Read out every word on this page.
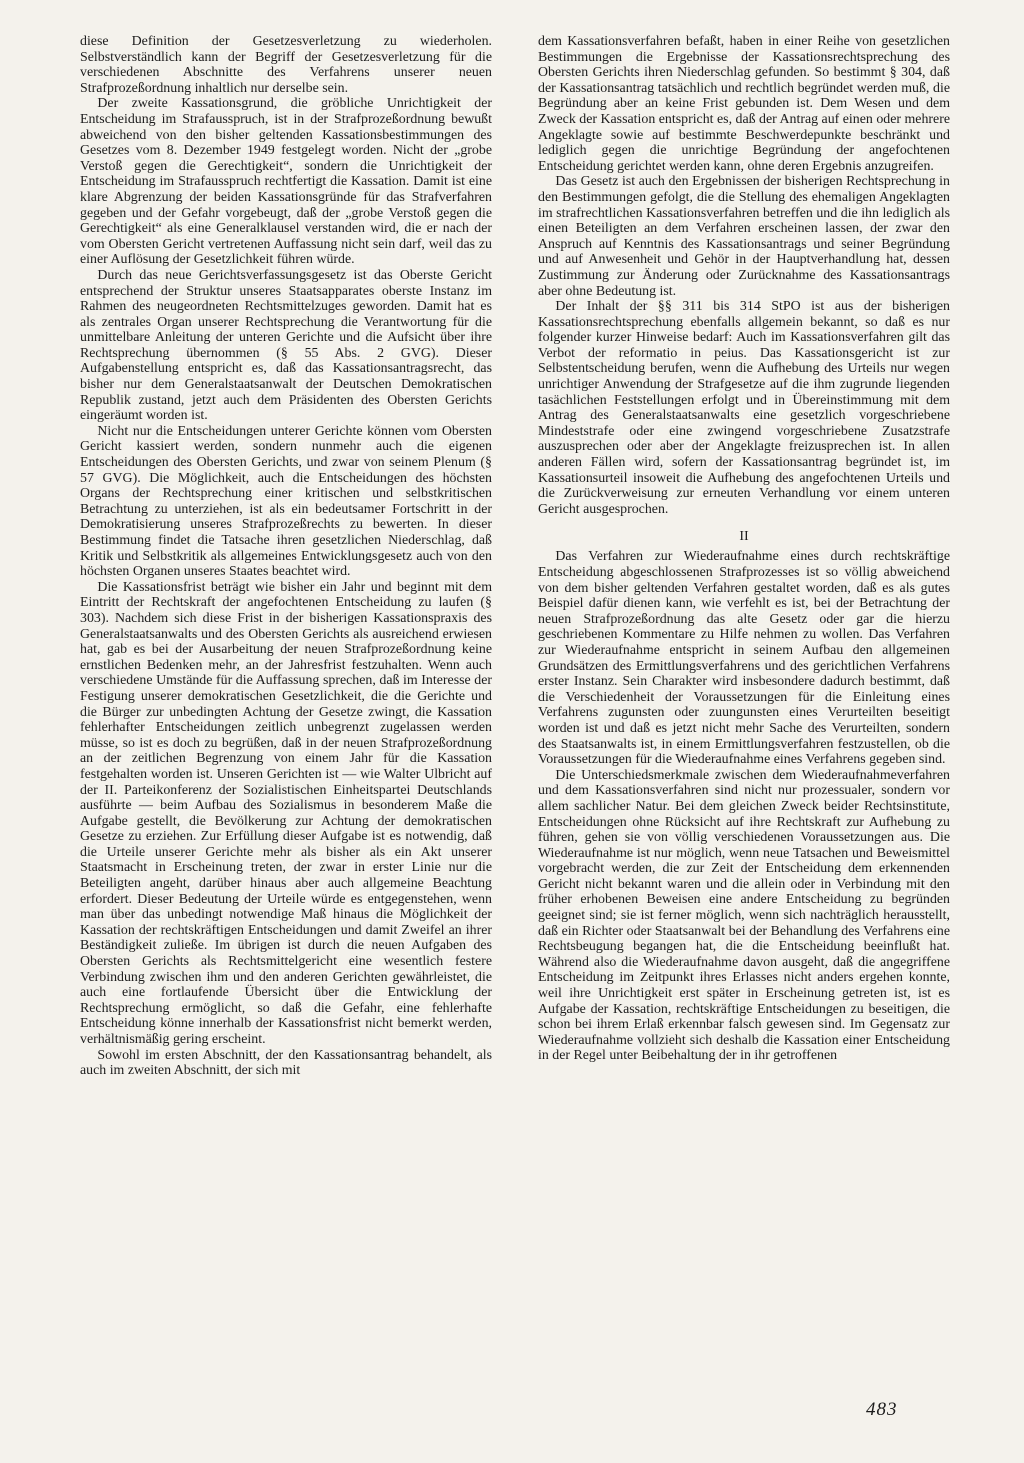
diese Definition der Gesetzesverletzung zu wiederholen. Selbstverständlich kann der Begriff der Gesetzesverletzung für die verschiedenen Abschnitte des Verfahrens unserer neuen Strafprozeßordnung inhaltlich nur derselbe sein.

Der zweite Kassationsgrund, die gröbliche Unrichtigkeit der Entscheidung im Strafausspruch, ist in der Strafprozeßordnung bewußt abweichend von den bisher geltenden Kassationsbestimmungen des Gesetzes vom 8. Dezember 1949 festgelegt worden. Nicht der „grobe Verstoß gegen die Gerechtigkeit“, sondern die Unrichtigkeit der Entscheidung im Strafausspruch rechtfertigt die Kassation. Damit ist eine klare Abgrenzung der beiden Kassationsgründe für das Strafverfahren gegeben und der Gefahr vorgebeugt, daß der „grobe Verstoß gegen die Gerechtigkeit“ als eine Generalklausel verstanden wird, die er nach der vom Obersten Gericht vertretenen Auffassung nicht sein darf, weil das zu einer Auflösung der Gesetzlichkeit führen würde.

Durch das neue Gerichtsverfassungsgesetz ist das Oberste Gericht entsprechend der Struktur unseres Staatsapparates oberste Instanz im Rahmen des neugeordneten Rechtsmittelzuges geworden. Damit hat es als zentrales Organ unserer Rechtsprechung die Verantwortung für die unmittelbare Anleitung der unteren Gerichte und die Aufsicht über ihre Rechtsprechung übernommen (§ 55 Abs. 2 GVG). Dieser Aufgabenstellung entspricht es, daß das Kassationsantragsrecht, das bisher nur dem Generalstaatsanwalt der Deutschen Demokratischen Republik zustand, jetzt auch dem Präsidenten des Obersten Gerichts eingeräumt worden ist.

Nicht nur die Entscheidungen unterer Gerichte können vom Obersten Gericht kassiert werden, sondern nunmehr auch die eigenen Entscheidungen des Obersten Gerichts, und zwar von seinem Plenum (§ 57 GVG). Die Möglichkeit, auch die Entscheidungen des höchsten Organs der Rechtsprechung einer kritischen und selbstkritischen Betrachtung zu unterziehen, ist als ein bedeutsamer Fortschritt in der Demokratisierung unseres Strafprozeßrechts zu bewerten. In dieser Bestimmung findet die Tatsache ihren gesetzlichen Niederschlag, daß Kritik und Selbstkritik als allgemeines Entwicklungsgesetz auch von den höchsten Organen unseres Staates beachtet wird.

Die Kassationsfrist beträgt wie bisher ein Jahr und beginnt mit dem Eintritt der Rechtskraft der angefochtenen Entscheidung zu laufen (§ 303). Nachdem sich diese Frist in der bisherigen Kassationspraxis des Generalstaatsanwalts und des Obersten Gerichts als ausreichend erwiesen hat, gab es bei der Ausarbeitung der neuen Strafprozeßordnung keine ernstlichen Bedenken mehr, an der Jahresfrist festzuhalten. Wenn auch verschiedene Umstände für die Auffassung sprechen, daß im Interesse der Festigung unserer demokratischen Gesetzlichkeit, die die Gerichte und die Bürger zur unbedingten Achtung der Gesetze zwingt, die Kassation fehlerhafter Entscheidungen zeitlich unbegrenzt zugelassen werden müsse, so ist es doch zu begrüßen, daß in der neuen Strafprozeßordnung an der zeitlichen Begrenzung von einem Jahr für die Kassation festgehalten worden ist. Unseren Gerichten ist — wie Walter Ulbricht auf der II. Parteikonferenz der Sozialistischen Einheitspartei Deutschlands ausführte — beim Aufbau des Sozialismus in besonderem Maße die Aufgabe gestellt, die Bevölkerung zur Achtung der demokratischen Gesetze zu erziehen. Zur Erfüllung dieser Aufgabe ist es notwendig, daß die Urteile unserer Gerichte mehr als bisher als ein Akt unserer Staatsmacht in Erscheinung treten, der zwar in erster Linie nur die Beteiligten angeht, darüber hinaus aber auch allgemeine Beachtung erfordert. Dieser Bedeutung der Urteile würde es entgegenstehen, wenn man über das unbedingt notwendige Maß hinaus die Möglichkeit der Kassation der rechtskräftigen Entscheidungen und damit Zweifel an ihrer Beständigkeit zuließe. Im übrigen ist durch die neuen Aufgaben des Obersten Gerichts als Rechtsmittelgericht eine wesentlich festere Verbindung zwischen ihm und den anderen Gerichten gewährleistet, die auch eine fortlaufende Übersicht über die Entwicklung der Rechtsprechung ermöglicht, so daß die Gefahr, eine fehlerhafte Entscheidung könne innerhalb der Kassationsfrist nicht bemerkt werden, verhältnismäßig gering erscheint.

Sowohl im ersten Abschnitt, der den Kassationsantrag behandelt, als auch im zweiten Abschnitt, der sich mit

dem Kassationsverfahren befaßt, haben in einer Reihe von gesetzlichen Bestimmungen die Ergebnisse der Kassationsrechtsprechung des Obersten Gerichts ihren Niederschlag gefunden. So bestimmt § 304, daß der Kassationsantrag tatsächlich und rechtlich begründet werden muß, die Begründung aber an keine Frist gebunden ist. Dem Wesen und dem Zweck der Kassation entspricht es, daß der Antrag auf einen oder mehrere Angeklagte sowie auf bestimmte Beschwerdepunkte beschränkt und lediglich gegen die unrichtige Begründung der angefochtenen Entscheidung gerichtet werden kann, ohne deren Ergebnis anzugreifen.

Das Gesetz ist auch den Ergebnissen der bisherigen Rechtsprechung in den Bestimmungen gefolgt, die die Stellung des ehemaligen Angeklagten im strafrechtlichen Kassationsverfahren betreffen und die ihn lediglich als einen Beteiligten an dem Verfahren erscheinen lassen, der zwar den Anspruch auf Kenntnis des Kassationsantrags und seiner Begründung und auf Anwesenheit und Gehör in der Hauptverhandlung hat, dessen Zustimmung zur Änderung oder Zurücknahme des Kassationsantrags aber ohne Bedeutung ist.

Der Inhalt der §§ 311 bis 314 StPO ist aus der bisherigen Kassationsrechtsprechung ebenfalls allgemein bekannt, so daß es nur folgender kurzer Hinweise bedarf: Auch im Kassationsverfahren gilt das Verbot der reformatio in peius. Das Kassationsgericht ist zur Selbstentscheidung berufen, wenn die Aufhebung des Urteils nur wegen unrichtiger Anwendung der Strafgesetze auf die ihm zugrunde liegenden tasächlichen Feststellungen erfolgt und in Übereinstimmung mit dem Antrag des Generalstaatsanwalts eine gesetzlich vorgeschriebene Mindeststrafe oder eine zwingend vorgeschriebene Zusatzstrafe auszusprechen oder aber der Angeklagte freizusprechen ist. In allen anderen Fällen wird, sofern der Kassationsantrag begründet ist, im Kassationsurteil insoweit die Aufhebung des angefochtenen Urteils und die Zurückverweisung zur erneuten Verhandlung vor einem unteren Gericht ausgesprochen.

II

Das Verfahren zur Wiederaufnahme eines durch rechtskräftige Entscheidung abgeschlossenen Strafprozesses ist so völlig abweichend von dem bisher geltenden Verfahren gestaltet worden, daß es als gutes Beispiel dafür dienen kann, wie verfehlt es ist, bei der Betrachtung der neuen Strafprozeßordnung das alte Gesetz oder gar die hierzu geschriebenen Kommentare zu Hilfe nehmen zu wollen. Das Verfahren zur Wiederaufnahme entspricht in seinem Aufbau den allgemeinen Grundsätzen des Ermittlungsverfahrens und des gerichtlichen Verfahrens erster Instanz. Sein Charakter wird insbesondere dadurch bestimmt, daß die Verschiedenheit der Voraussetzungen für die Einleitung eines Verfahrens zugunsten oder zuungunsten eines Verurteilten beseitigt worden ist und daß es jetzt nicht mehr Sache des Verurteilten, sondern des Staatsanwalts ist, in einem Ermittlungsverfahren festzustellen, ob die Voraussetzungen für die Wiederaufnahme eines Verfahrens gegeben sind.

Die Unterschiedsmerkmale zwischen dem Wiederaufnahmeverfahren und dem Kassationsverfahren sind nicht nur prozessualer, sondern vor allem sachlicher Natur. Bei dem gleichen Zweck beider Rechtsinstitute, Entscheidungen ohne Rücksicht auf ihre Rechtskraft zur Aufhebung zu führen, gehen sie von völlig verschiedenen Voraussetzungen aus. Die Wiederaufnahme ist nur möglich, wenn neue Tatsachen und Beweismittel vorgebracht werden, die zur Zeit der Entscheidung dem erkennenden Gericht nicht bekannt waren und die allein oder in Verbindung mit den früher erhobenen Beweisen eine andere Entscheidung zu begründen geeignet sind; sie ist ferner möglich, wenn sich nachträglich herausstellt, daß ein Richter oder Staatsanwalt bei der Behandlung des Verfahrens eine Rechtsbeugung begangen hat, die die Entscheidung beeinflußt hat. Während also die Wiederaufnahme davon ausgeht, daß die angegriffene Entscheidung im Zeitpunkt ihres Erlasses nicht anders ergehen konnte, weil ihre Unrichtigkeit erst später in Erscheinung getreten ist, ist es Aufgabe der Kassation, rechtskräftige Entscheidungen zu beseitigen, die schon bei ihrem Erlaß erkennbar falsch gewesen sind. Im Gegensatz zur Wiederaufnahme vollzieht sich deshalb die Kassation einer Entscheidung in der Regel unter Beibehaltung der in ihr getroffenen

483
